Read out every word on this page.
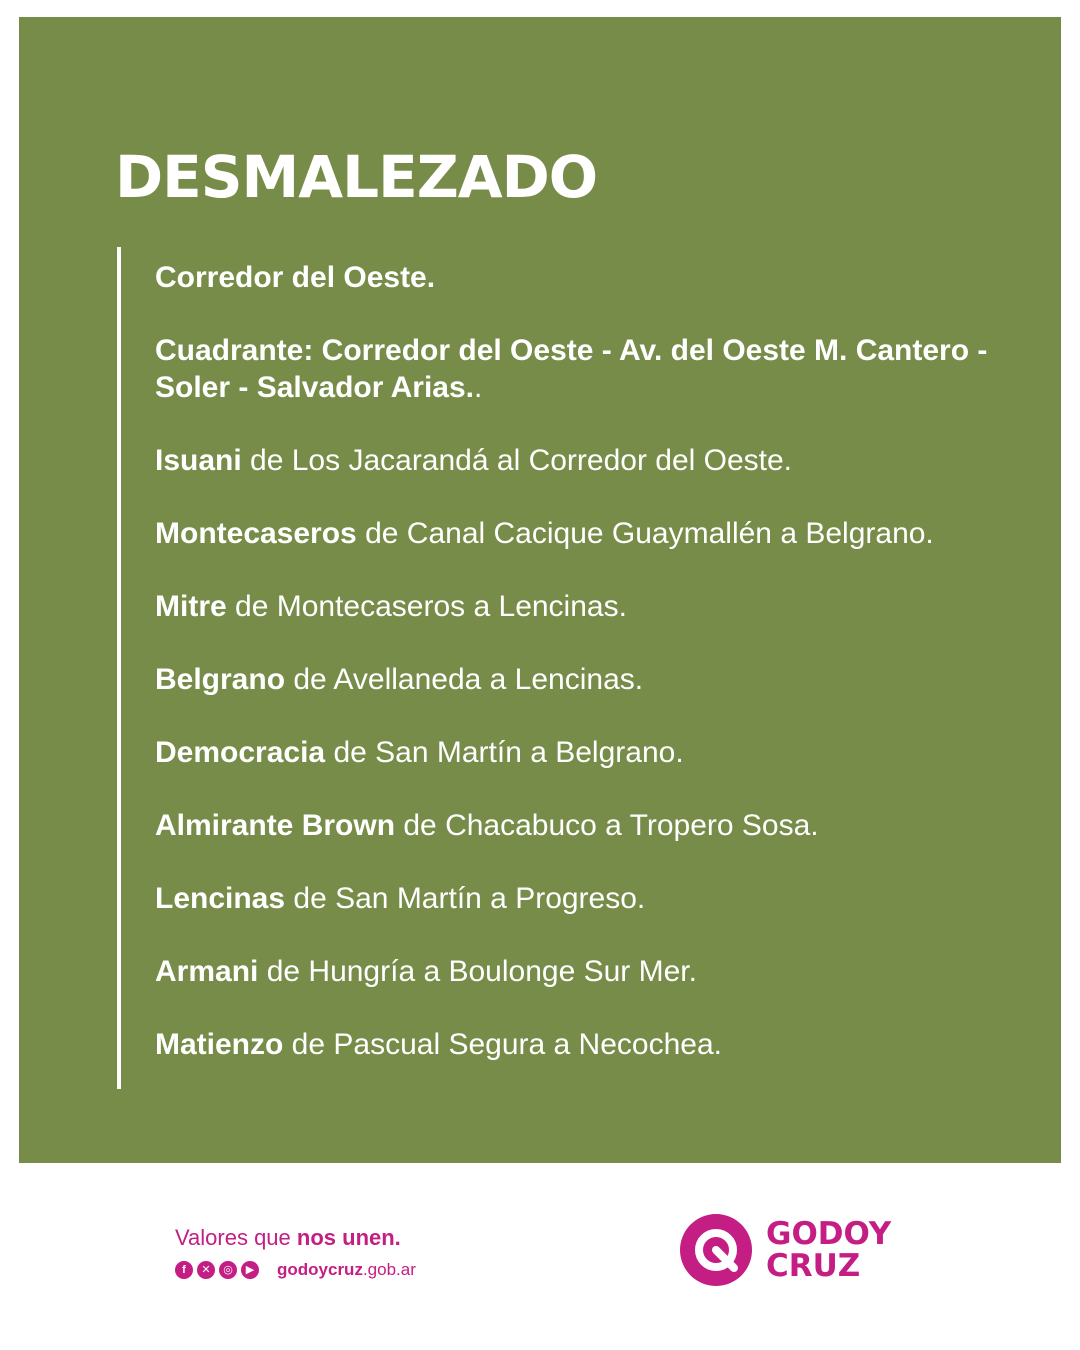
DESMALEZADO
Corredor del Oeste.
Cuadrante: Corredor del Oeste - Av. del Oeste M. Cantero - Soler - Salvador Arias..
Isuani de Los Jacarandá al Corredor del Oeste.
Montecaseros de Canal Cacique Guaymallén a Belgrano.
Mitre de Montecaseros a Lencinas.
Belgrano de Avellaneda a Lencinas.
Democracia de San Martín a Belgrano.
Almirante Brown de Chacabuco a Tropero Sosa.
Lencinas de San Martín a Progreso.
Armani de Hungría a Boulonge Sur Mer.
Matienzo de Pascual Segura a Necochea.
Valores que nos unen.
f	✕	◎	▶ godoycruz.gob.ar
GODOY
CRUZ
